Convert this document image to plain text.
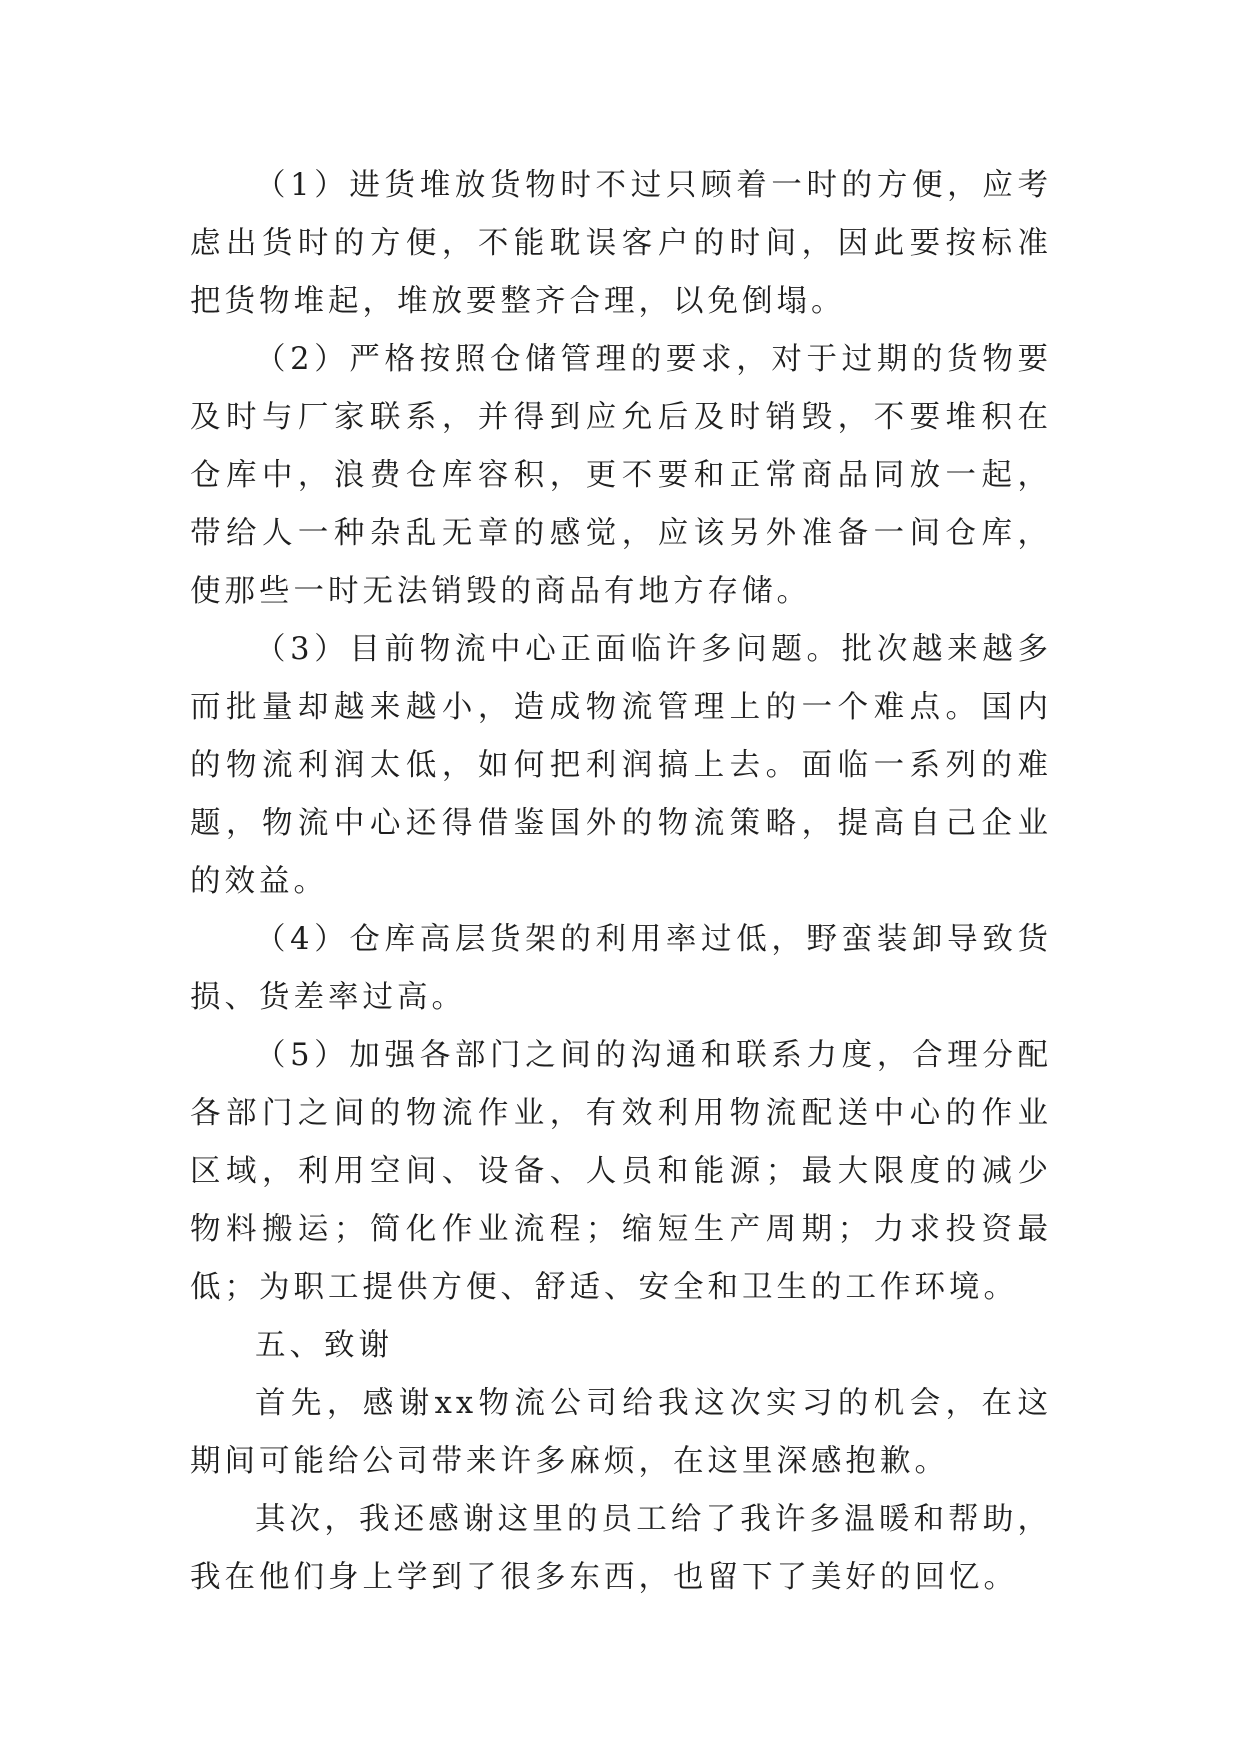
（1）进货堆放货物时不过只顾着一时的方便，应考虑出货时的方便，不能耽误客户的时间，因此要按标准把货物堆起，堆放要整齐合理，以免倒塌。

（2）严格按照仓储管理的要求，对于过期的货物要及时与厂家联系，并得到应允后及时销毁，不要堆积在仓库中，浪费仓库容积，更不要和正常商品同放一起，带给人一种杂乱无章的感觉，应该另外准备一间仓库，使那些一时无法销毁的商品有地方存储。

（3）目前物流中心正面临许多问题。批次越来越多而批量却越来越小，造成物流管理上的一个难点。国内的物流利润太低，如何把利润搞上去。面临一系列的难题，物流中心还得借鉴国外的物流策略，提高自己企业的效益。

（4）仓库高层货架的利用率过低，野蛮装卸导致货损、货差率过高。

（5）加强各部门之间的沟通和联系力度，合理分配各部门之间的物流作业，有效利用物流配送中心的作业区域，利用空间、设备、人员和能源；最大限度的减少物料搬运；简化作业流程；缩短生产周期；力求投资最低；为职工提供方便、舒适、安全和卫生的工作环境。

五、致谢

首先，感谢xx物流公司给我这次实习的机会，在这期间可能给公司带来许多麻烦，在这里深感抱歉。

其次，我还感谢这里的员工给了我许多温暖和帮助，我在他们身上学到了很多东西，也留下了美好的回忆。
